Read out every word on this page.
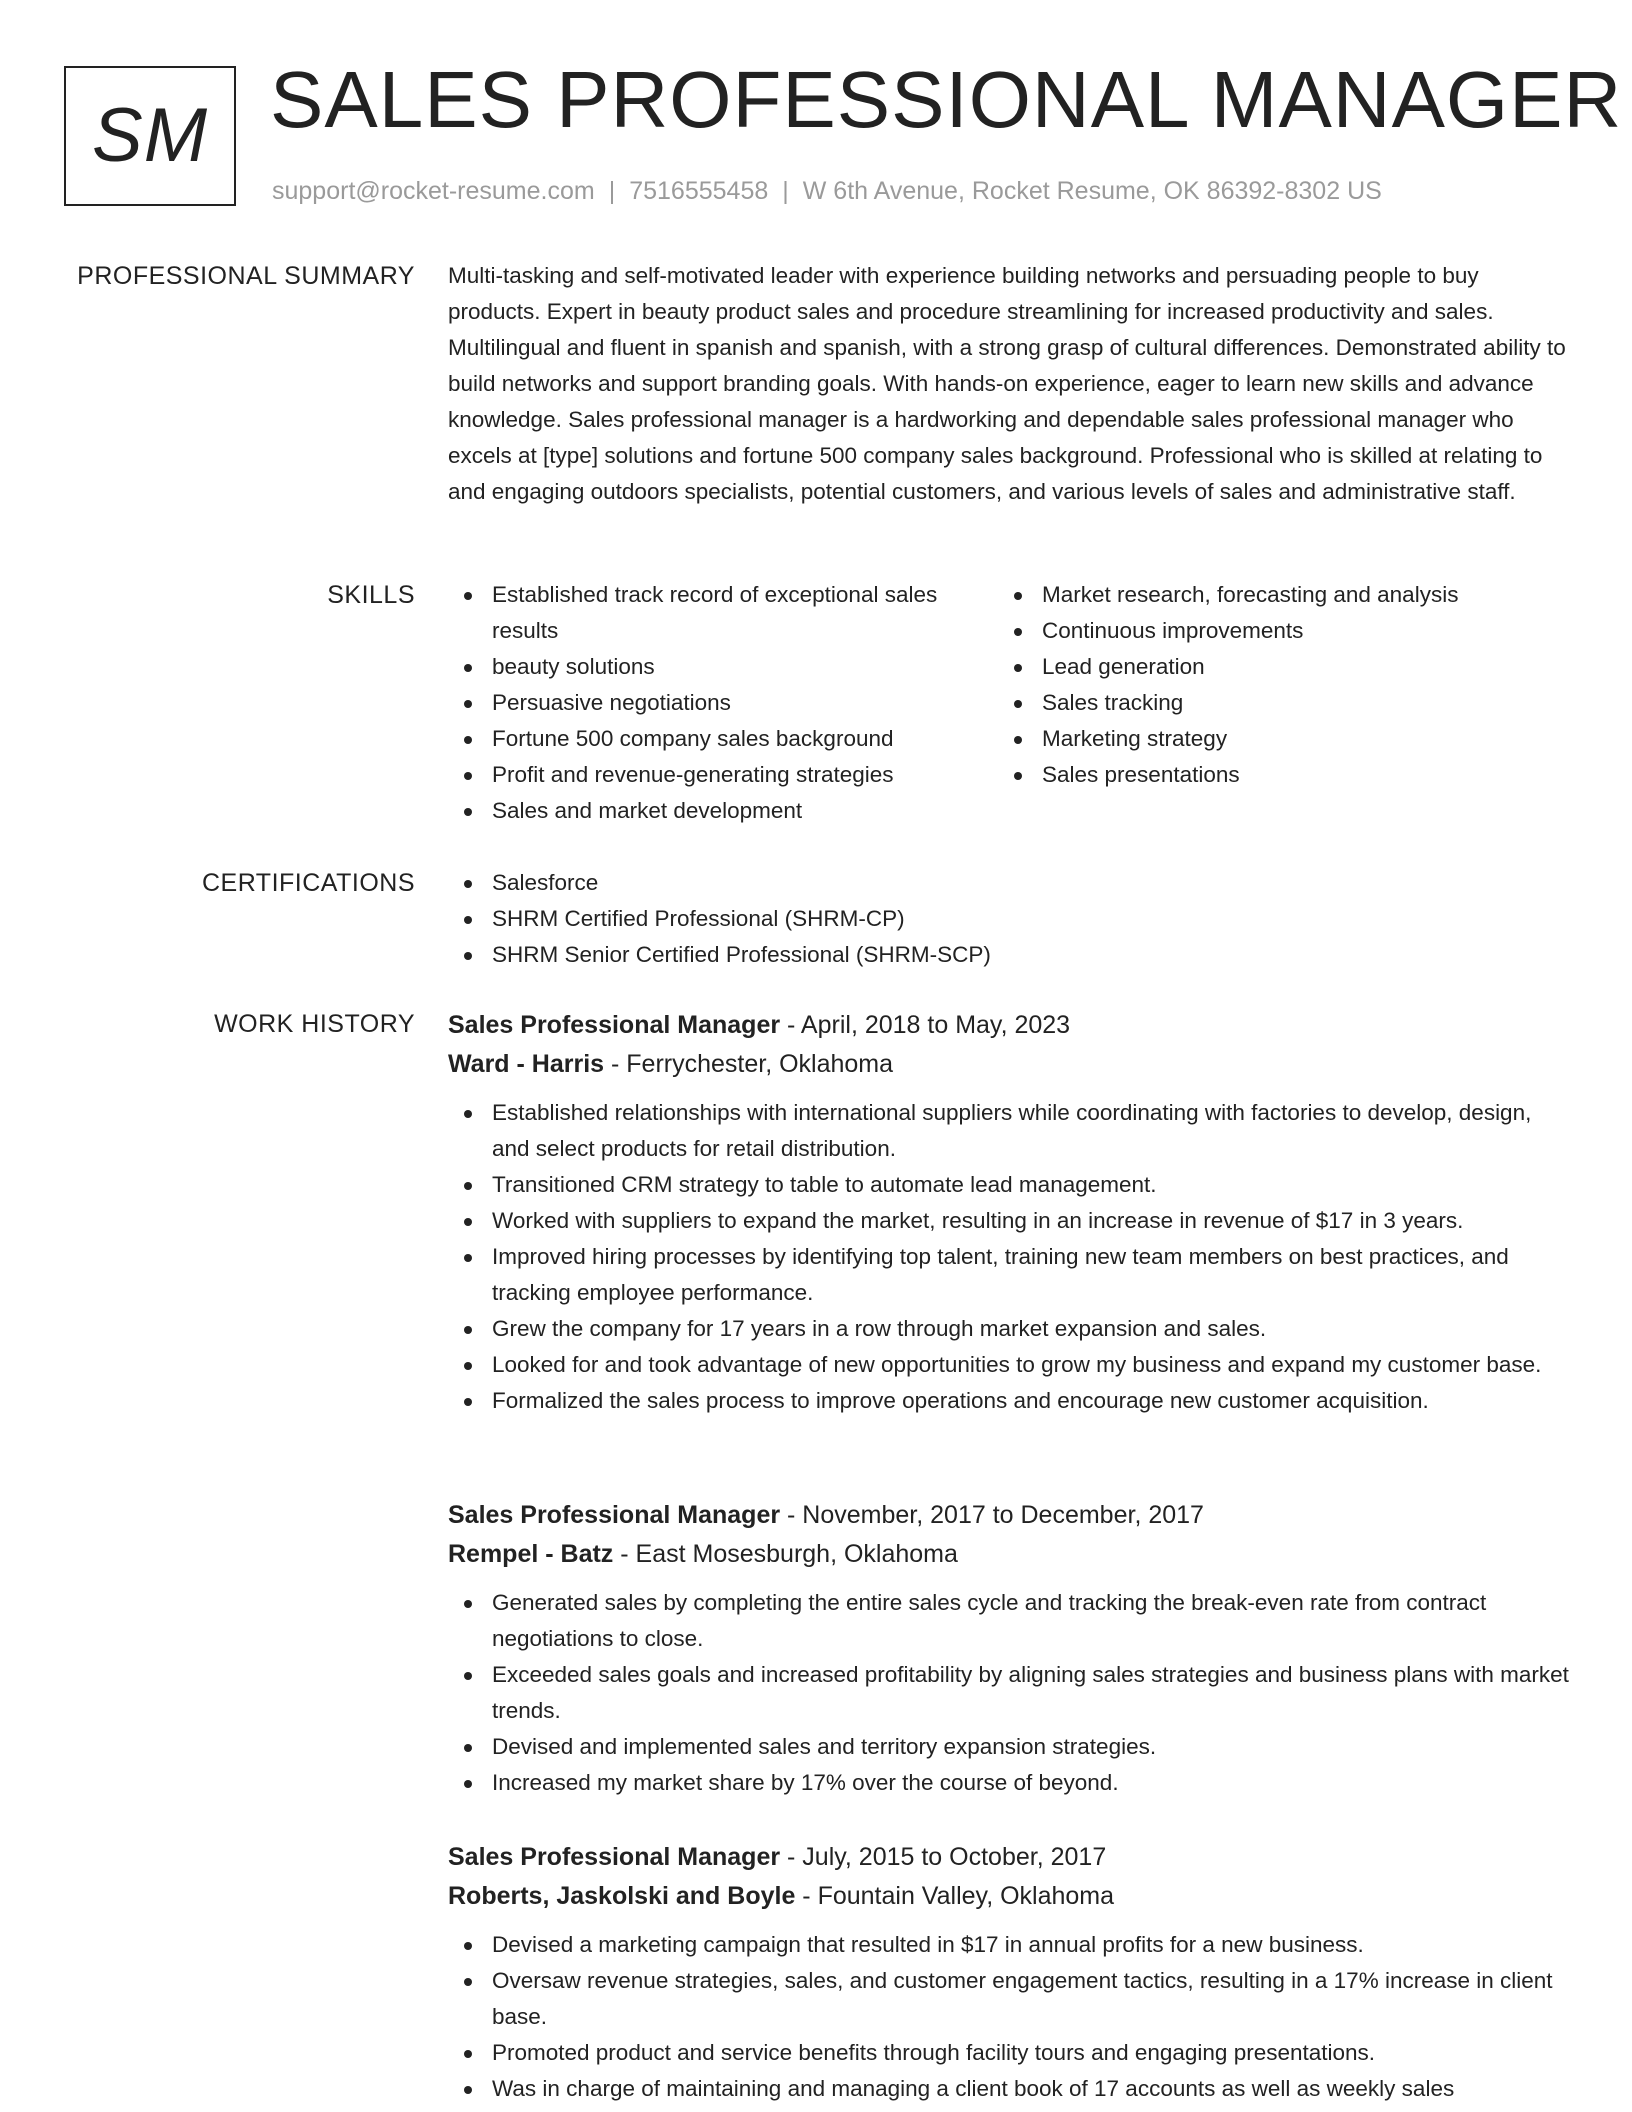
SM SALES PROFESSIONAL MANAGER
support@rocket-resume.com | 7516555458 | W 6th Avenue, Rocket Resume, OK 86392-8302 US
PROFESSIONAL SUMMARY Multi-tasking and self-motivated leader with experience building networks and persuading people to buy products. Expert in beauty product sales and procedure streamlining for increased productivity and sales. Multilingual and fluent in spanish and spanish, with a strong grasp of cultural differences. Demonstrated ability to build networks and support branding goals. With hands-on experience, eager to learn new skills and advance knowledge. Sales professional manager is a hardworking and dependable sales professional manager who excels at [type] solutions and fortune 500 company sales background. Professional who is skilled at relating to and engaging outdoors specialists, potential customers, and various levels of sales and administrative staff.

SKILLS	Established track record of exceptional sales results
beauty solutions
Persuasive negotiations
Fortune 500 company sales background
Profit and revenue-generating strategies
Sales and market development
Market research, forecasting and analysis
Continuous improvements
Lead generation
Sales tracking
Marketing strategy
Sales presentations
CERTIFICATIONS	Salesforce
SHRM Certified Professional (SHRM-CP)
SHRM Senior Certified Professional (SHRM-SCP)
WORK HISTORY Sales Professional Manager - April, 2018 to May, 2023
Ward - Harris - Ferrychester, Oklahoma
Established relationships with international suppliers while coordinating with factories to develop, design, and select products for retail distribution.
Transitioned CRM strategy to table to automate lead management.
Worked with suppliers to expand the market, resulting in an increase in revenue of $17 in 3 years.
Improved hiring processes by identifying top talent, training new team members on best practices, and tracking employee performance.
Grew the company for 17 years in a row through market expansion and sales.
Looked for and took advantage of new opportunities to grow my business and expand my customer base.
Formalized the sales process to improve operations and encourage new customer acquisition.
Sales Professional Manager - November, 2017 to December, 2017
Rempel - Batz - East Mosesburgh, Oklahoma
Generated sales by completing the entire sales cycle and tracking the break-even rate from contract negotiations to close.
Exceeded sales goals and increased profitability by aligning sales strategies and business plans with market trends.
Devised and implemented sales and territory expansion strategies.
Increased my market share by 17% over the course of beyond.
Sales Professional Manager - July, 2015 to October, 2017
Roberts, Jaskolski and Boyle - Fountain Valley, Oklahoma
Devised a marketing campaign that resulted in $17 in annual profits for a new business.
Oversaw revenue strategies, sales, and customer engagement tactics, resulting in a 17% increase in client base.
Promoted product and service benefits through facility tours and engaging presentations.
Was in charge of maintaining and managing a client book of 17 accounts as well as weekly sales
